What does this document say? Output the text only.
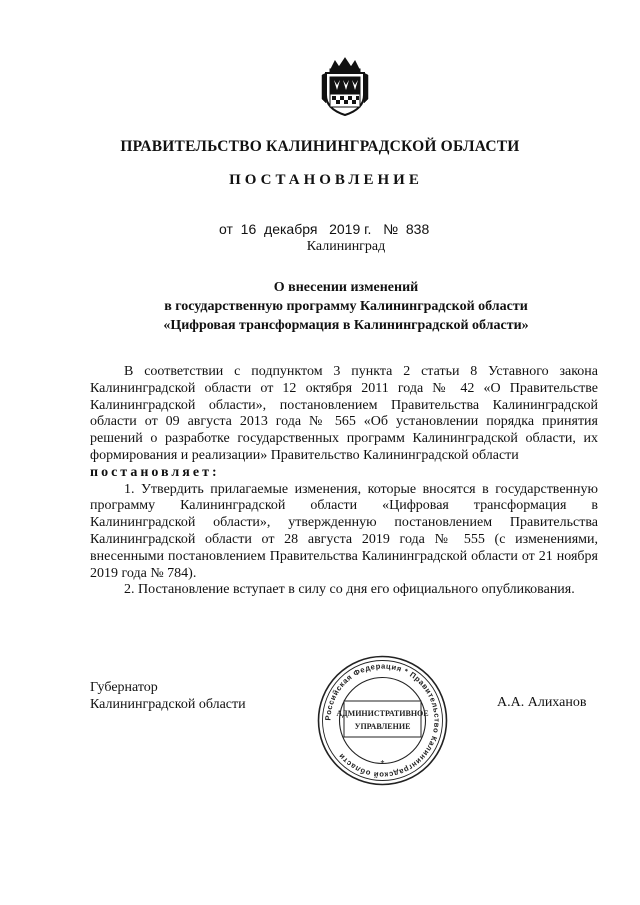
ПРАВИТЕЛЬСТВО КАЛИНИНГРАДСКОЙ ОБЛАСТИ
ПОСТАНОВЛЕНИЕ
от  16  декабря   2019 г.   №  838
Калининград
О внесении изменений
в государственную программу Калининградской области
«Цифровая трансформация в Калининградской области»

В соответствии с подпунктом 3 пункта 2 статьи 8 Уставного закона Калининградской области от 12 октября 2011 года № 42 «О Правительстве Калининградской области», постановлением Правительства Калининградской области от 09 августа 2013 года № 565 «Об установлении порядка принятия решений о разработке государственных программ Калининградской области, их формирования и реализации» Правительство Калининградской области

постановляет:

1. Утвердить прилагаемые изменения, которые вносятся в государственную программу Калининградской области «Цифровая трансформация в Калининградской области», утвержденную постановлением Правительства Калининградской области от 28 августа 2019 года № 555 (с изменениями, внесенными постановлением Правительства Калининградской области от 21 ноября 2019 года № 784).

2. Постановление вступает в силу со дня его официального опубликования.

Губернатор
Калининградской области	А.А. Алиханов
Российская Федерация * Правительство Калининградской области
АДМИНИСТРАТИВНОЕ
УПРАВЛЕНИЕ
*
